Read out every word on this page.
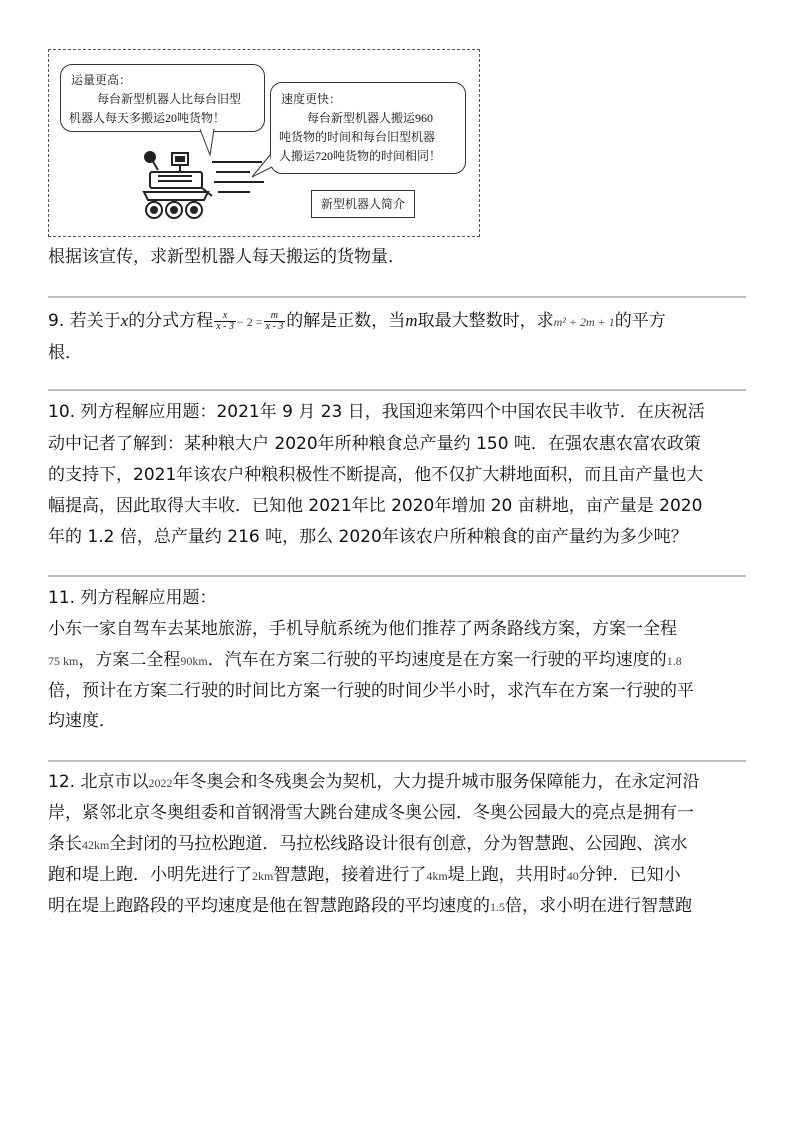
运量更高：
每台新型机器人比每台旧型
机器人每天多搬运20吨货物！
速度更快：
每台新型机器人搬运960
吨货物的时间和每台旧型机器
人搬运720吨货物的时间相同！
新型机器人简介
根据该宣传，求新型机器人每天搬运的货物量．
9. 若关于x的分式方程 $\frac{x}{x - 3} - 2 = \frac{m}{x - 3}$ 的解是正数，当m取最大整数时，求m² + 2m + 1的平方
根．
10. 列方程解应用题：2021年 9 月 23 日，我国迎来第四个中国农民丰收节．在庆祝活
动中记者了解到：某种粮大户 2020年所种粮食总产量约 150 吨．在强农惠农富农政策
的支持下，2021年该农户种粮积极性不断提高，他不仅扩大耕地面积，而且亩产量也大
幅提高，因此取得大丰收．已知他 2021年比 2020年增加 20 亩耕地，亩产量是 2020
年的 1.2 倍，总产量约 216 吨，那么 2020年该农户所种粮食的亩产量约为多少吨？
11. 列方程解应用题：
小东一家自驾车去某地旅游，手机导航系统为他们推荐了两条路线方案，方案一全程
75 km，方案二全程90km．汽车在方案二行驶的平均速度是在方案一行驶的平均速度的1.8
倍，预计在方案二行驶的时间比方案一行驶的时间少半小时，求汽车在方案一行驶的平
均速度．
12. 北京市以2022年冬奥会和冬残奥会为契机，大力提升城市服务保障能力，在永定河沿
岸，紧邻北京冬奥组委和首钢滑雪大跳台建成冬奥公园．冬奥公园最大的亮点是拥有一
条长42km全封闭的马拉松跑道．马拉松线路设计很有创意，分为智慧跑、公园跑、滨水
跑和堤上跑．小明先进行了2km智慧跑，接着进行了4km堤上跑，共用时40分钟．已知小
明在堤上跑路段的平均速度是他在智慧跑路段的平均速度的1.5倍，求小明在进行智慧跑
